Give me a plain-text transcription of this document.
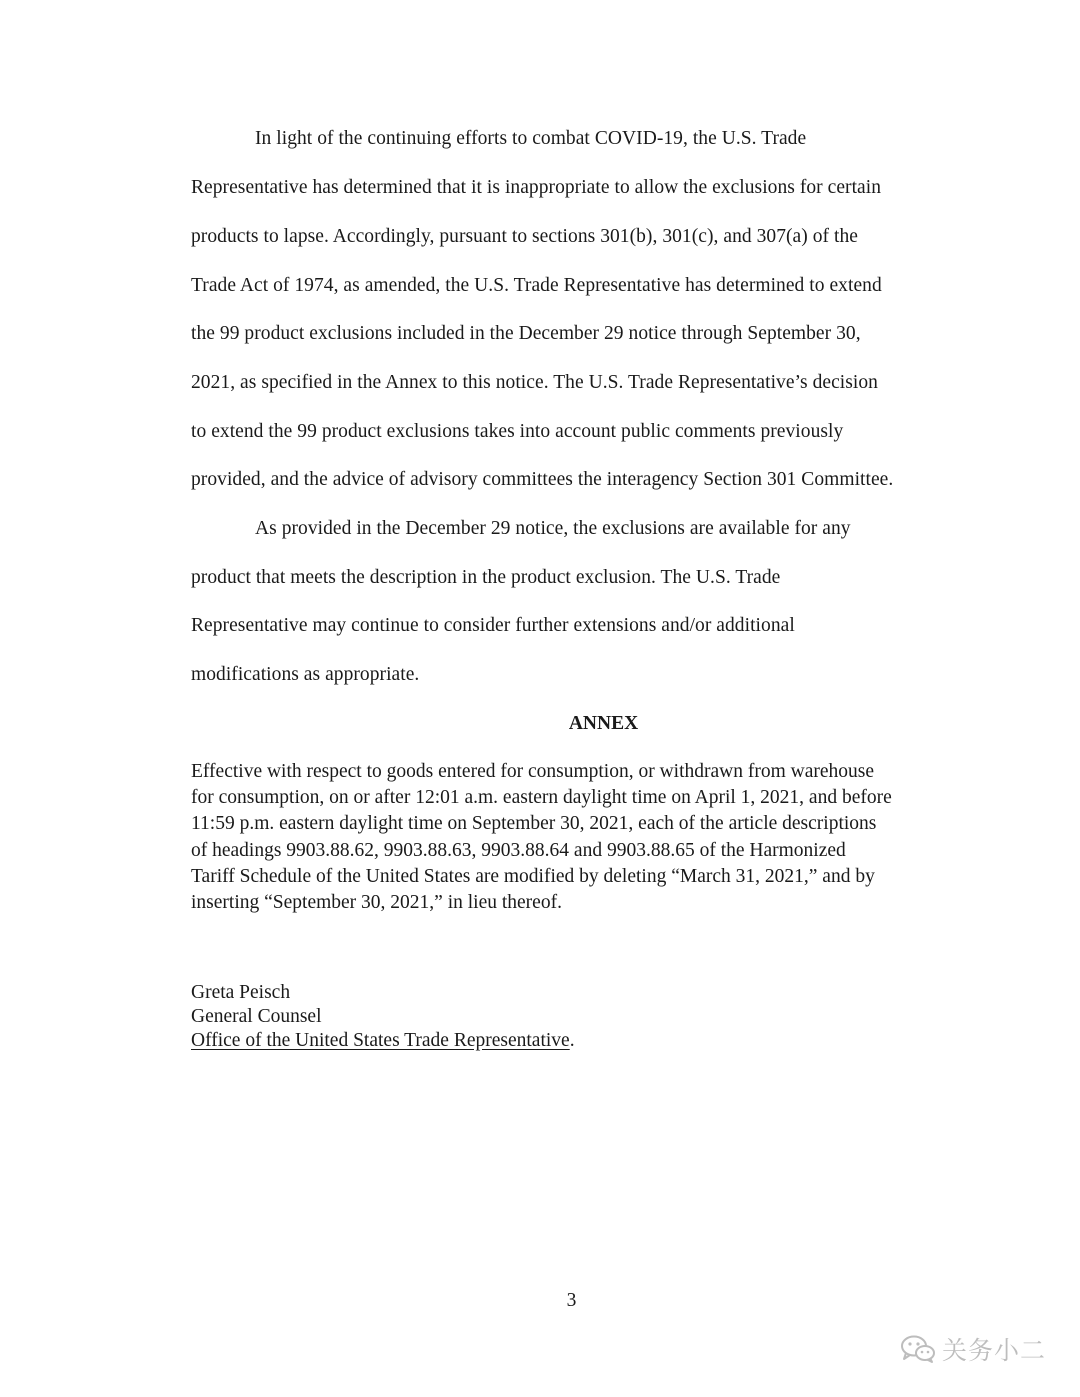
In light of the continuing efforts to combat COVID-19, the U.S. Trade
Representative has determined that it is inappropriate to allow the exclusions for certain
products to lapse. Accordingly, pursuant to sections 301(b), 301(c), and 307(a) of the
Trade Act of 1974, as amended, the U.S. Trade Representative has determined to extend
the 99 product exclusions included in the December 29 notice through September 30,
2021, as specified in the Annex to this notice. The U.S. Trade Representative’s decision
to extend the 99 product exclusions takes into account public comments previously
provided, and the advice of advisory committees the interagency Section 301 Committee.
As provided in the December 29 notice, the exclusions are available for any
product that meets the description in the product exclusion. The U.S. Trade
Representative may continue to consider further extensions and/or additional
modifications as appropriate.
ANNEX
Effective with respect to goods entered for consumption, or withdrawn from warehouse
for consumption, on or after 12:01 a.m. eastern daylight time on April 1, 2021, and before
11:59 p.m. eastern daylight time on September 30, 2021, each of the article descriptions
of headings 9903.88.62, 9903.88.63, 9903.88.64 and 9903.88.65 of the Harmonized
Tariff Schedule of the United States are modified by deleting “March 31, 2021,” and by
inserting “September 30, 2021,” in lieu thereof.
Greta Peisch
General Counsel
Office of the United States Trade Representative.
3
关务小二
